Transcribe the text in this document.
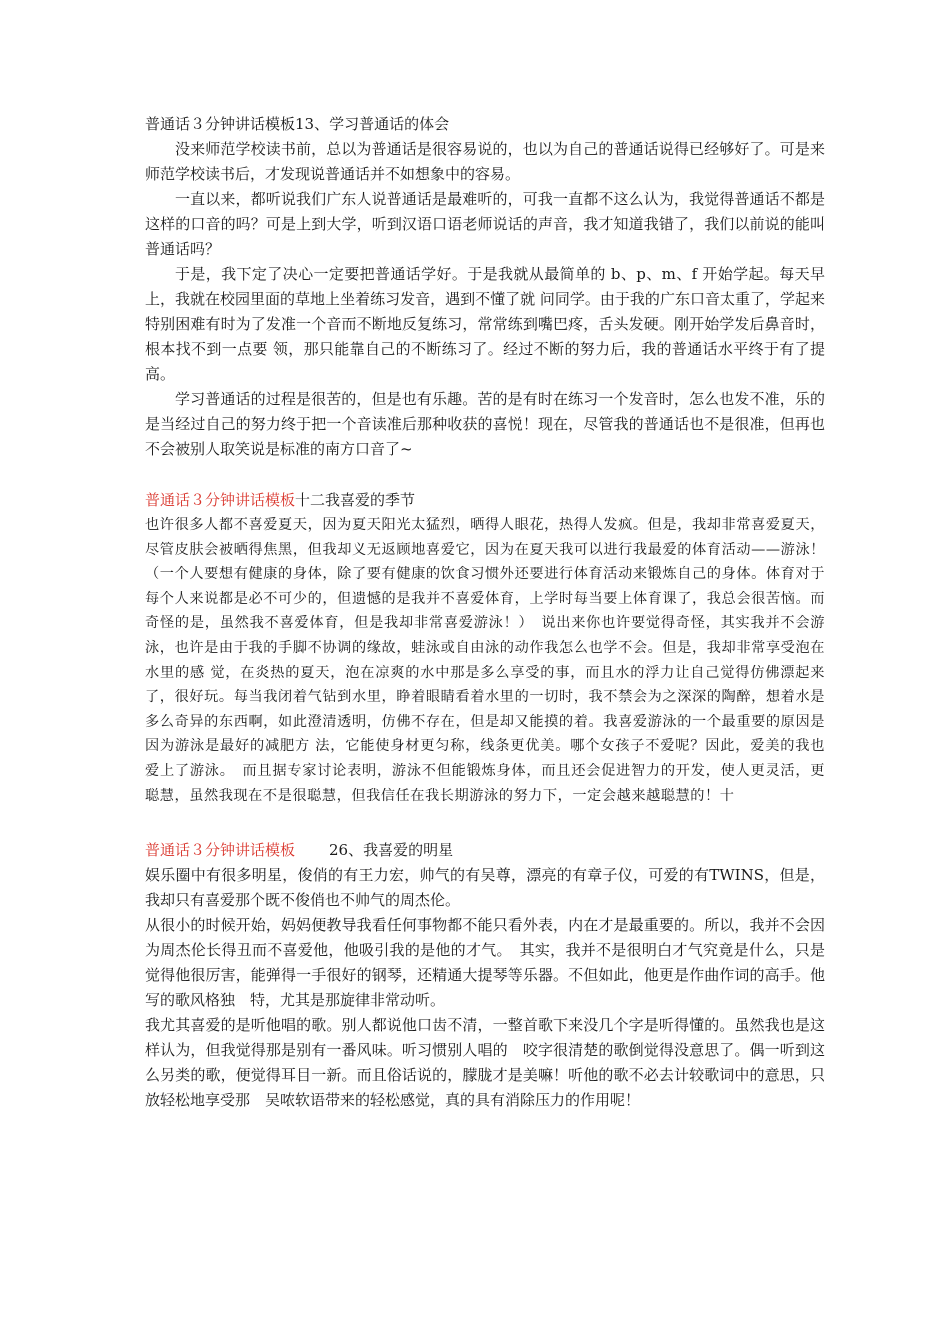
普通话３分钟讲话模板13、学习普通话的体会

没来师范学校读书前，总以为普通话是很容易说的，也以为自己的普通话说得已经够好了。可是来师范学校读书后，才发现说普通话并不如想象中的容易。

一直以来，都听说我们广东人说普通话是最难听的，可我一直都不这么认为，我觉得普通话不都是这样的口音的吗？可是上到大学，听到汉语口语老师说话的声音，我才知道我错了，我们以前说的能叫普通话吗？

于是，我下定了决心一定要把普通话学好。于是我就从最简单的 b、p、m、f 开始学起。每天早上，我就在校园里面的草地上坐着练习发音，遇到不懂了就 问同学。由于我的广东口音太重了，学起来特别困难有时为了发准一个音而不断地反复练习，常常练到嘴巴疼，舌头发硬。刚开始学发后鼻音时，根本找不到一点要 领，那只能靠自己的不断练习了。经过不断的努力后，我的普通话水平终于有了提高。

学习普通话的过程是很苦的，但是也有乐趣。苦的是有时在练习一个发音时，怎么也发不准，乐的是当经过自己的努力终于把一个音读准后那种收获的喜悦！现在，尽管我的普通话也不是很准，但再也不会被别人取笑说是标准的南方口音了~

普通话３分钟讲话模板十二我喜爱的季节

也许很多人都不喜爱夏天，因为夏天阳光太猛烈，晒得人眼花，热得人发疯。但是，我却非常喜爱夏天，尽管皮肤会被晒得焦黑，但我却义无返顾地喜爱它，因为在夏天我可以进行我最爱的体育活动——游泳！　（一个人要想有健康的身体，除了要有健康的饮食习惯外还要进行体育活动来锻炼自己的身体。体育对于每个人来说都是必不可少的，但遗憾的是我并不喜爱体育，上学时每当要上体育课了，我总会很苦恼。而奇怪的是，虽然我不喜爱体育，但是我却非常喜爱游泳！）　说出来你也许要觉得奇怪，其实我并不会游泳，也许是由于我的手脚不协调的缘故，蛙泳或自由泳的动作我怎么也学不会。但是，我却非常享受泡在水里的感 觉，在炎热的夏天，泡在凉爽的水中那是多么享受的事，而且水的浮力让自己觉得仿佛漂起来了，很好玩。每当我闭着气钻到水里，睁着眼睛看着水里的一切时，我不禁会为之深深的陶醉，想着水是多么奇异的东西啊，如此澄清透明，仿佛不存在，但是却又能摸的着。我喜爱游泳的一个最重要的原因是因为游泳是最好的减肥方 法，它能使身材更匀称，线条更优美。哪个女孩子不爱呢？因此，爱美的我也爱上了游泳。　而且据专家讨论表明，游泳不但能锻炼身体，而且还会促进智力的开发，使人更灵活，更聪慧，虽然我现在不是很聪慧，但我信任在我长期游泳的努力下，一定会越来越聪慧的！十

普通话３分钟讲话模板 26、我喜爱的明星

娱乐圈中有很多明星，俊俏的有王力宏，帅气的有吴尊，漂亮的有章子仪，可爱的有TWINS，但是，我却只有喜爱那个既不俊俏也不帅气的周杰伦。

从很小的时候开始，妈妈便教导我看任何事物都不能只看外表，内在才是最重要的。所以，我并不会因为周杰伦长得丑而不喜爱他，他吸引我的是他的才气。　其实，我并不是很明白才气究竟是什么，只是觉得他很厉害，能弹得一手很好的钢琴，还精通大提琴等乐器。不但如此，他更是作曲作词的高手。他写的歌风格独　特，尤其是那旋律非常动听。

我尤其喜爱的是听他唱的歌。别人都说他口齿不清，一整首歌下来没几个字是听得懂的。虽然我也是这样认为，但我觉得那是别有一番风味。听习惯别人唱的　咬字很清楚的歌倒觉得没意思了。偶一听到这么另类的歌，便觉得耳目一新。而且俗话说的，朦胧才是美嘛！听他的歌不必去计较歌词中的意思，只放轻松地享受那　吴哝软语带来的轻松感觉，真的具有消除压力的作用呢！
